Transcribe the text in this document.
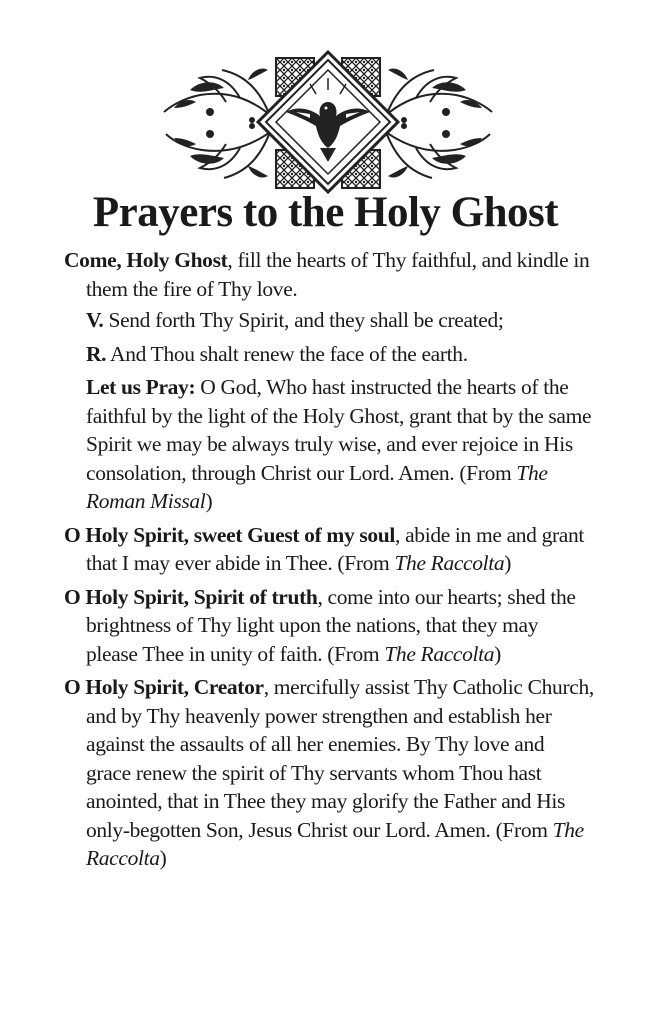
Prayers to the Holy Ghost

Come, Holy Ghost, fill the hearts of Thy faithful, and kindle in them the fire of Thy love.

V. Send forth Thy Spirit, and they shall be created;

R. And Thou shalt renew the face of the earth.

Let us Pray: O God, Who hast instructed the hearts of the faithful by the light of the Holy Ghost, grant that by the same Spirit we may be always truly wise, and ever rejoice in His consolation, through Christ our Lord. Amen. (From The Roman Missal)

O Holy Spirit, sweet Guest of my soul, abide in me and grant that I may ever abide in Thee. (From The Raccolta)

O Holy Spirit, Spirit of truth, come into our hearts; shed the brightness of Thy light upon the nations, that they may please Thee in unity of faith. (From The Raccolta)

O Holy Spirit, Creator, mercifully assist Thy Catholic Church, and by Thy heavenly power strengthen and establish her against the assaults of all her enemies. By Thy love and grace renew the spirit of Thy servants whom Thou hast anointed, that in Thee they may glorify the Father and His only-begotten Son, Jesus Christ our Lord. Amen. (From The Raccolta)
